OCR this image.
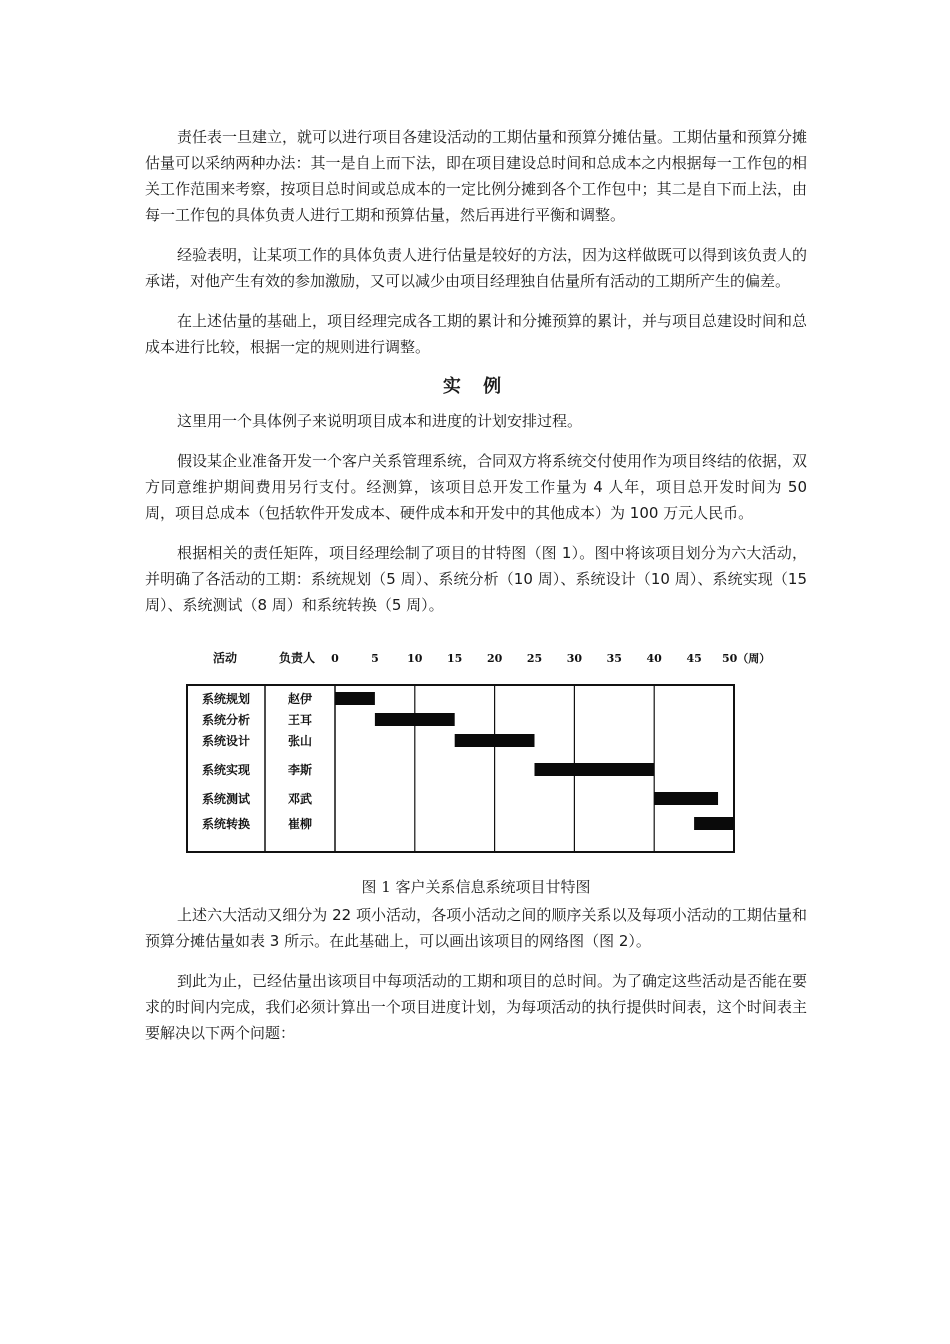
责任表一旦建立，就可以进行项目各建设活动的工期估量和预算分摊估量。工期估量和预算分摊估量可以采纳两种办法：其一是自上而下法，即在项目建设总时间和总成本之内根据每一工作包的相关工作范围来考察，按项目总时间或总成本的一定比例分摊到各个工作包中；其二是自下而上法，由每一工作包的具体负责人进行工期和预算估量，然后再进行平衡和调整。

经验表明，让某项工作的具体负责人进行估量是较好的方法，因为这样做既可以得到该负责人的承诺，对他产生有效的参加激励，又可以减少由项目经理独自估量所有活动的工期所产生的偏差。

在上述估量的基础上，项目经理完成各工期的累计和分摊预算的累计，并与项目总建设时间和总成本进行比较，根据一定的规则进行调整。

实 例

这里用一个具体例子来说明项目成本和进度的计划安排过程。

假设某企业准备开发一个客户关系管理系统，合同双方将系统交付使用作为项目终结的依据，双方同意维护期间费用另行支付。经测算，该项目总开发工作量为 4 人年，项目总开发时间为 50 周，项目总成本（包括软件开发成本、硬件成本和开发中的其他成本）为 100 万元人民币。

根据相关的责任矩阵，项目经理绘制了项目的甘特图（图 1）。图中将该项目划分为六大活动，并明确了各活动的工期：系统规划（5 周）、系统分析（10 周）、系统设计（10 周）、系统实现（15 周）、系统测试（8 周）和系统转换（5 周）。

活动	负责人 0	5	10 15 20 25 30 35 40 45 50（周）
系统规划	赵伊
系统分析	王耳
系统设计	张山
系统实现	李斯
系统测试	邓武
系统转换	崔柳

图 1 客户关系信息系统项目甘特图

上述六大活动又细分为 22 项小活动，各项小活动之间的顺序关系以及每项小活动的工期估量和预算分摊估量如表 3 所示。在此基础上，可以画出该项目的网络图（图 2）。

到此为止，已经估量出该项目中每项活动的工期和项目的总时间。为了确定这些活动是否能在要求的时间内完成，我们必须计算出一个项目进度计划，为每项活动的执行提供时间表，这个时间表主要解决以下两个问题：
